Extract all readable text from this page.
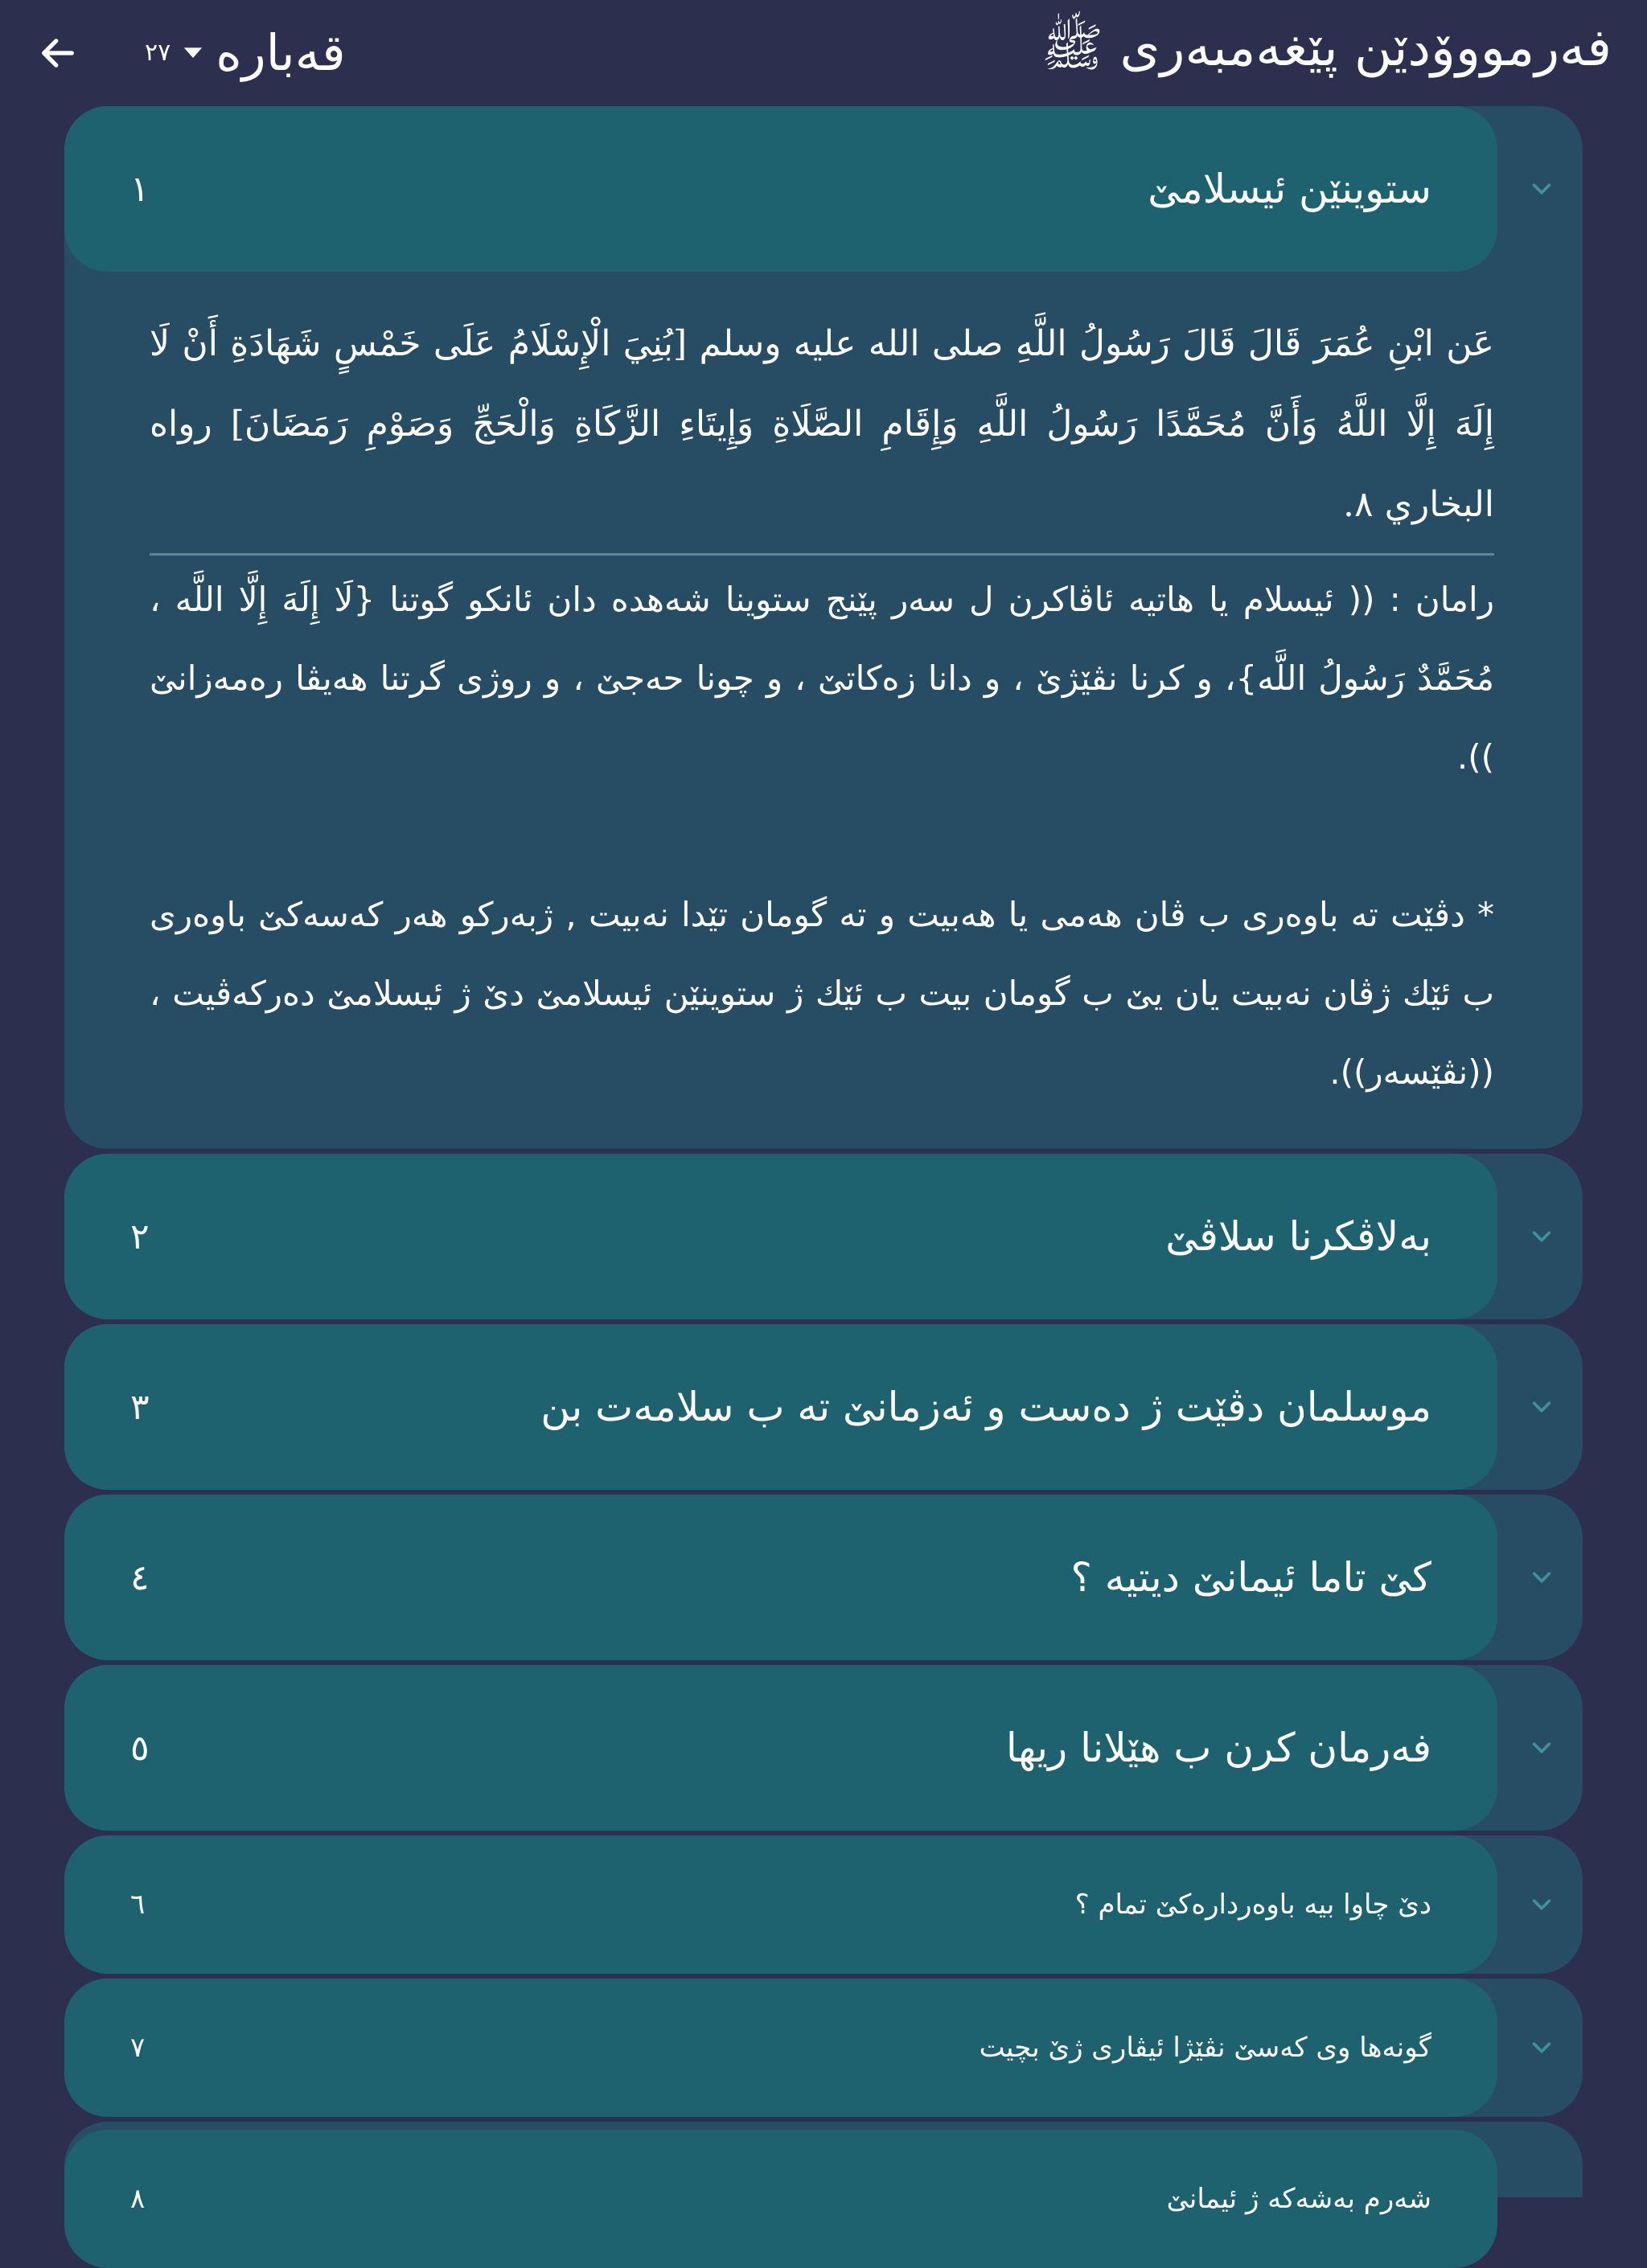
٢٧ قەبارە	فەرمووۆدێن پێغەمبەری ﷺ
١	ستوینێن ئیسلامێ
عَن ابْنِ عُمَرَ قَالَ قَالَ رَسُولُ اللَّهِ صلى الله عليه وسلم [بُنِيَ الْإِسْلَامُ عَلَى خَمْسٍ شَهَادَةِ أَنْ لَا إِلَهَ إِلَّا اللَّهُ وَأَنَّ مُحَمَّدًا رَسُولُ اللَّهِ وَإِقَامِ الصَّلَاةِ وَإِيتَاءِ الزَّكَاةِ وَالْحَجِّ وَصَوْمِ رَمَضَانَ] رواه البخاري ٨.
رامان : (( ئیسلام یا هاتیە ئاڤاکرن ل سەر پێنج ستوینا شەهدە دان ئانکو گوتنا {لَا إِلَهَ إِلَّا اللَّه ، مُحَمَّدٌ رَسُولُ اللَّه}، و کرنا نڤێژێ ، و دانا زەکاتێ ، و چونا حەجێ ، و روژی گرتنا هەیڤا رەمەزانێ )).
* دڤێت تە باوەری ب ڤان هەمی یا هەبیت و تە گومان تێدا نەبیت , ژبەرکو هەر کەسەکێ باوەری ب ئێك ژڤان نەبیت یان یێ ب گومان بیت ب ئێك ژ ستوینێن ئیسلامێ دێ ژ ئیسلامێ دەرکەڤیت ،((نڤێسەر)).
٢	بەلاڤکرنا سلاڤێ
٣	موسلمان دڤێت ژ دەست و ئەزمانێ تە ب سلامەت بن
٤	کێ تاما ئیمانێ دیتیە ؟
٥	فەرمان کرن ب هێلانا ریها
٦	دێ چاوا بیە باوەردارەکێ تمام ؟
٧	گونەها وی کەسێ نڤێژا ئیڤاری ژێ بچیت
٨	شەرم بەشەکە ژ ئیمانێ
